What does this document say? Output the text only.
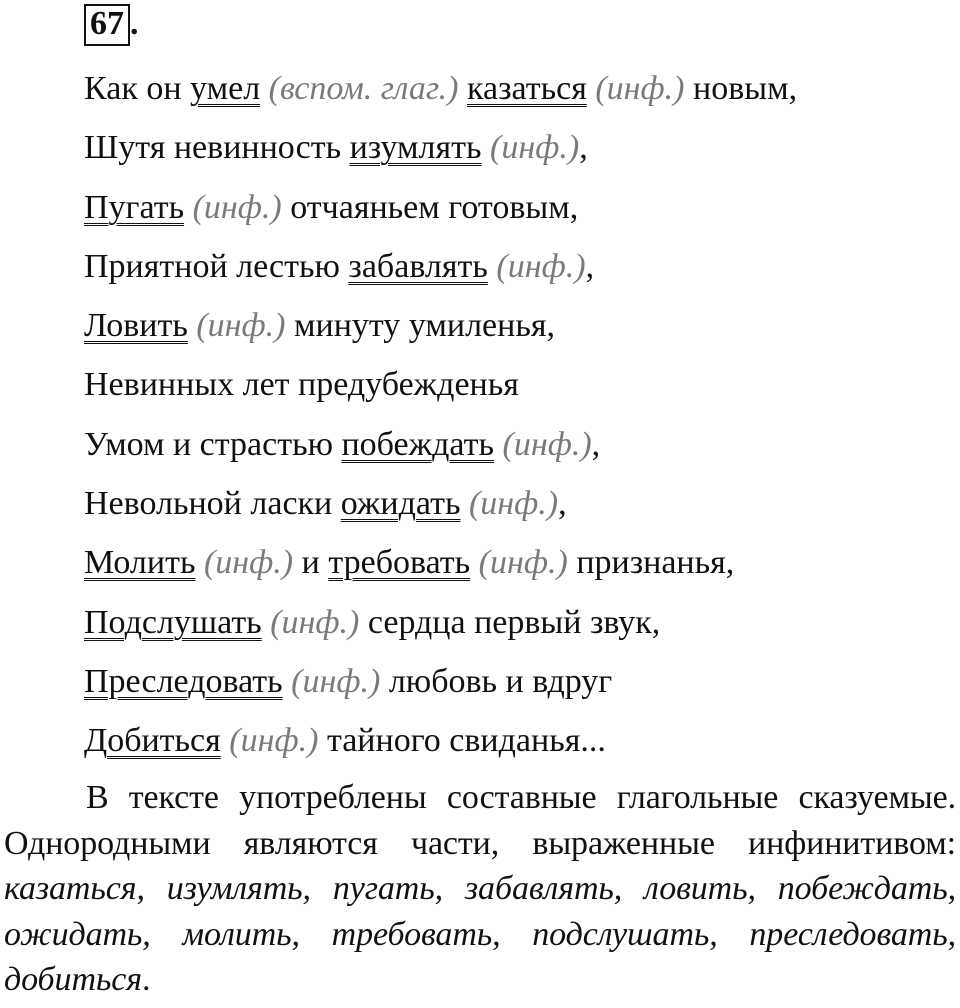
67 .
Как он умел (вспом. глаг.) казаться (инф.) новым,
Шутя невинность изумлять (инф.),
Пугать (инф.) отчаяньем готовым,
Приятной лестью забавлять (инф.),
Ловить (инф.) минуту умиленья,
Невинных лет предубежденья
Умом и страстью побеждать (инф.),
Невольной ласки ожидать (инф.),
Молить (инф.) и требовать (инф.) признанья,
Подслушать (инф.) сердца первый звук,
Преследовать (инф.) любовь и вдруг
Добиться (инф.) тайного свиданья...

В тексте употреблены составные глагольные сказуемые. Однородными являются части, выраженные инфинитивом: казаться, изумлять, пугать, забавлять, ловить, побеждать, ожидать, молить, требовать, подслушать, преследовать, добиться.
